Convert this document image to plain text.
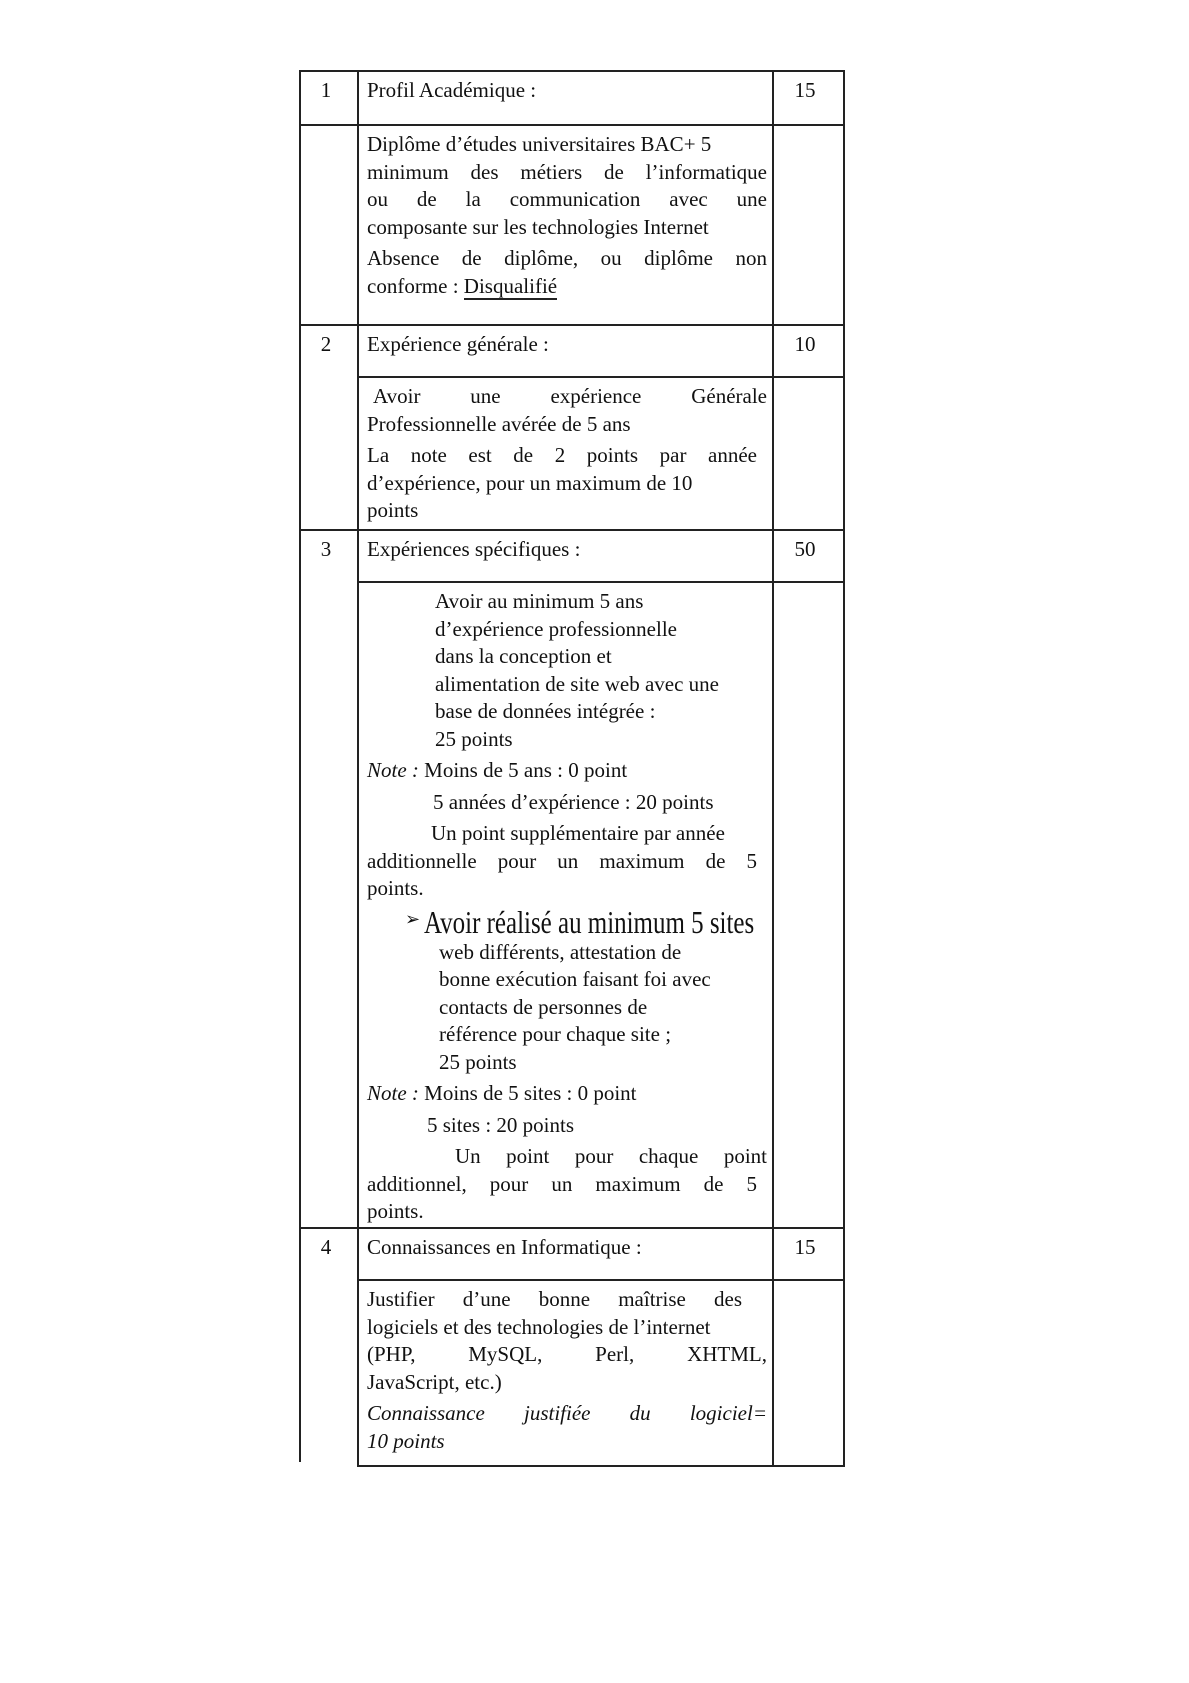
1	Profil Académique :	15
Diplôme d’études universitaires BAC+ 5
minimum des métiers de l’informatique
ou de la communication avec une
composante sur les technologies Internet
Absence de diplôme, ou diplôme non
conforme : Disqualifié
2	Expérience générale :	10
Avoir une expérience Générale
Professionnelle avérée de 5 ans
La note est de 2 points par année
d’expérience, pour un maximum de 10
points
3	Expériences spécifiques :	50
Avoir au minimum 5 ans
d’expérience professionnelle
dans la conception et
alimentation de site web avec une
base de données intégrée :
25 points
Note : Moins de 5 ans : 0 point
5 années d’expérience : 20 points
Un point supplémentaire par année
additionnelle pour un maximum de 5
points.
➢ Avoir réalisé au minimum 5 sites
web différents, attestation de
bonne exécution faisant foi avec
contacts de personnes de
référence pour chaque site ;
25 points
Note : Moins de 5 sites : 0 point
5 sites : 20 points
Un point pour chaque point
additionnel, pour un maximum de 5
points.
4	Connaissances en Informatique :	15
Justifier d’une bonne maîtrise des
logiciels et des technologies de l’internet
(PHP, MySQL, Perl, XHTML,
JavaScript, etc.)
Connaissance justifiée du logiciel=
10 points
